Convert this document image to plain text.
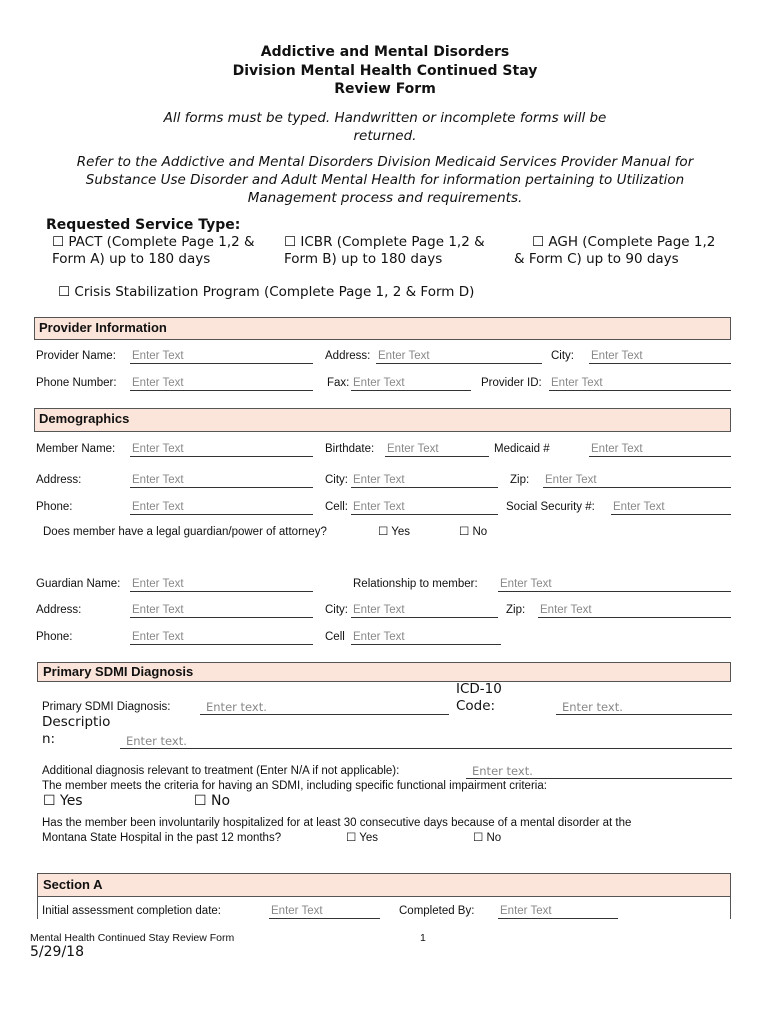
Addictive and Mental Disorders
Division Mental Health Continued Stay
Review Form
All forms must be typed. Handwritten or incomplete forms will be
returned.
Refer to the Addictive and Mental Disorders Division Medicaid Services Provider Manual for
Substance Use Disorder and Adult Mental Health for information pertaining to Utilization
Management process and requirements.
Requested Service Type:
☐ PACT (Complete Page 1,2 &
Form A) up to 180 days
☐ ICBR (Complete Page 1,2 &
Form B) up to 180 days
☐ AGH (Complete Page 1,2
& Form C) up to 90 days
☐ Crisis Stabilization Program (Complete Page 1, 2 & Form D)
Provider Information
Provider Name: Enter Text	Address: Enter Text	City: Enter Text
Phone Number: Enter Text	Fax: Enter Text	Provider ID: Enter Text
Demographics
Member Name: Enter Text	Birthdate: Enter Text	Medicaid #	Enter Text
Address:	Enter Text	City: Enter Text	Zip: Enter Text
Phone:	Enter Text	Cell: Enter Text	Social Security #: Enter Text
Does member have a legal guardian/power of attorney?	☐ Yes	☐ No
Guardian Name: Enter Text	Relationship to member: Enter Text
Address:	Enter Text	City: Enter Text	Zip: Enter Text
Phone:	Enter Text	Cell Enter Text
Primary SDMI Diagnosis
Primary SDMI Diagnosis:	Enter text.
ICD-10
Code:	Enter text.
Descriptio
n:	Enter text.
Additional diagnosis relevant to treatment (Enter N/A if not applicable):	Enter text.
The member meets the criteria for having an SDMI, including specific functional impairment criteria:
☐ Yes	☐ No
Has the member been involuntarily hospitalized for at least 30 consecutive days because of a mental disorder at the
Montana State Hospital in the past 12 months?	☐ Yes	☐ No
Section A
Initial assessment completion date:	Enter Text	Completed By: Enter Text
Mental Health Continued Stay Review Form	1
5/29/18
